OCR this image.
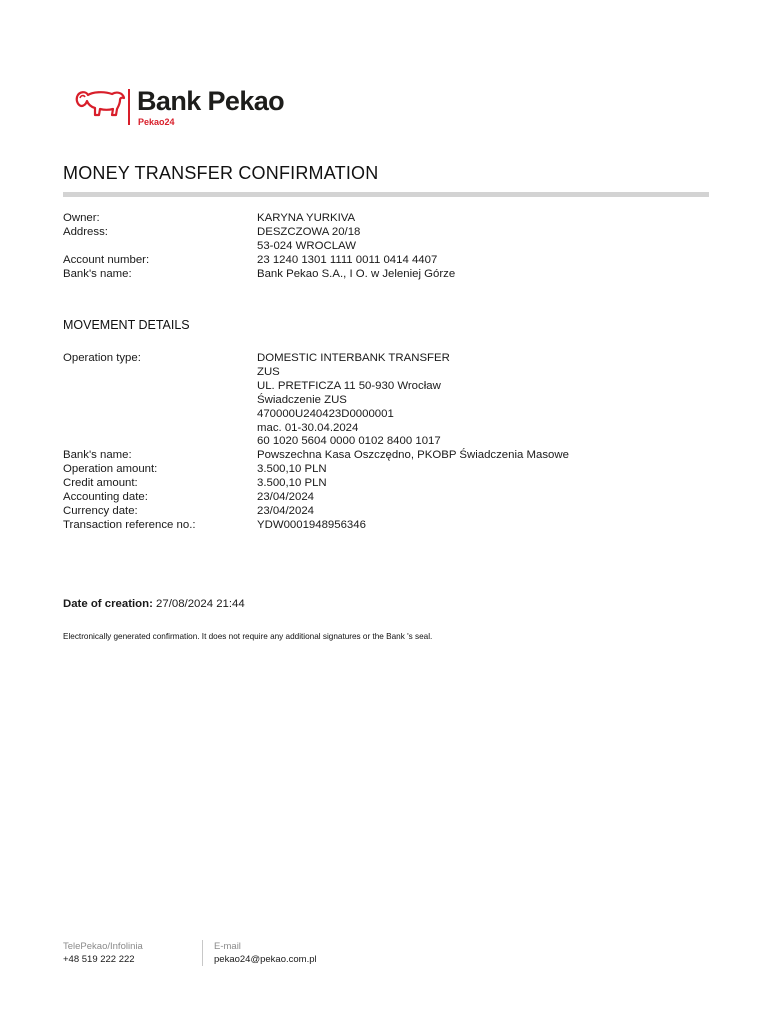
Bank Pekao
Pekao24
MONEY TRANSFER CONFIRMATION
Owner:	KARYNA YURKIVA
Address:	DESZCZOWA 20/18
53-024 WROCLAW
Account number:	23 1240 1301 1111 0011 0414 4407
Bank's name:	Bank Pekao S.A., I O. w Jeleniej Górze
MOVEMENT DETAILS
Operation type:	DOMESTIC INTERBANK TRANSFER
ZUS
UL. PRETFICZA 11 50-930 Wrocław
Świadczenie ZUS
470000U240423D0000001
mac. 01-30.04.2024
60 1020 5604 0000 0102 8400 1017
Bank's name:	Powszechna Kasa Oszczędno, PKOBP Świadczenia Masowe
Operation amount:	3.500,10 PLN
Credit amount:	3.500,10 PLN
Accounting date:	23/04/2024
Currency date:	23/04/2024
Transaction reference no.:	YDW0001948956346
Date of creation: 27/08/2024 21:44
Electronically generated confirmation. It does not require any additional signatures or the Bank 's seal.
TelePekao/Infolinia
+48 519 222 222
E-mail
pekao24@pekao.com.pl
